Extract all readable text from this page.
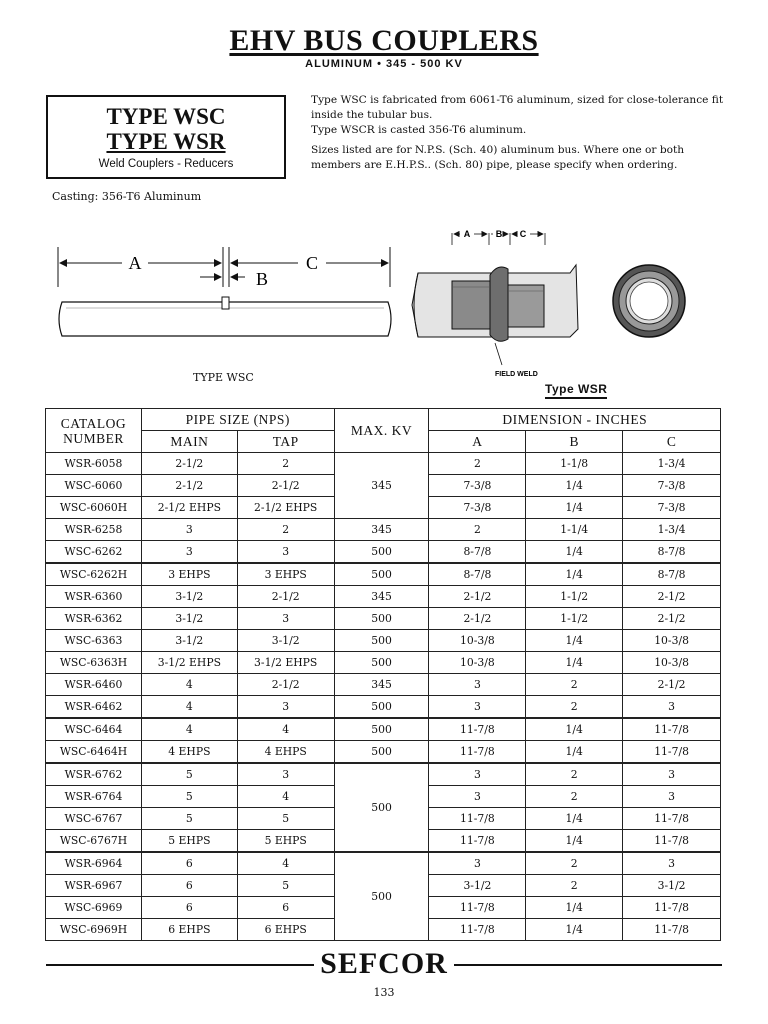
EHV BUS COUPLERS
ALUMINUM • 345 - 500 KV
TYPE WSC
TYPE WSR
Weld Couplers - Reducers

Type WSC is fabricated from 6061-T6 aluminum, sized for close-tolerance fit inside the tubular bus.

Type WSCR is casted 356-T6 aluminum.

Sizes listed are for N.P.S. (Sch. 40) aluminum bus. Where one or both members are E.H.P.S.. (Sch. 80) pipe, please specify when ordering.

Casting: 356-T6 Aluminum
A	C
B
A	B C
FIELD WELD
TYPE WSC
Type WSR
CATALOG NUMBER	PIPE SIZE (NPS)		MAX. KV	DIMENSION - INCHES		
	MAIN	TAP		A	B	C
WSR-6058	2-1/2	2	345	2	1-1/8	1-3/4
WSC-6060	2-1/2	2-1/2		7-3/8	1/4	7-3/8
WSC-6060H	2-1/2 EHPS	2-1/2 EHPS		7-3/8	1/4	7-3/8
WSR-6258	3	2	345	2	1-1/4	1-3/4
WSC-6262	3	3	500	8-7/8	1/4	8-7/8
WSC-6262H	3 EHPS	3 EHPS	500	8-7/8	1/4	8-7/8
WSR-6360	3-1/2	2-1/2	345	2-1/2	1-1/2	2-1/2
WSR-6362	3-1/2	3	500	2-1/2	1-1/2	2-1/2
WSC-6363	3-1/2	3-1/2	500	10-3/8	1/4	10-3/8
WSC-6363H	3-1/2 EHPS	3-1/2 EHPS	500	10-3/8	1/4	10-3/8
WSR-6460	4	2-1/2	345	3	2	2-1/2
WSR-6462	4	3	500	3	2	3
WSC-6464	4	4	500	11-7/8	1/4	11-7/8
WSC-6464H	4 EHPS	4 EHPS	500	11-7/8	1/4	11-7/8
WSR-6762	5	3	500	3	2	3
WSR-6764	5	4		3	2	3
WSC-6767	5	5		11-7/8	1/4	11-7/8
WSC-6767H	5 EHPS	5 EHPS		11-7/8	1/4	11-7/8
WSR-6964	6	4	500	3	2	3
WSR-6967	6	5		3-1/2	2	3-1/2
WSC-6969	6	6		11-7/8	1/4	11-7/8
WSC-6969H	6 EHPS	6 EHPS		11-7/8	1/4	11-7/8
SEFCOR
133
